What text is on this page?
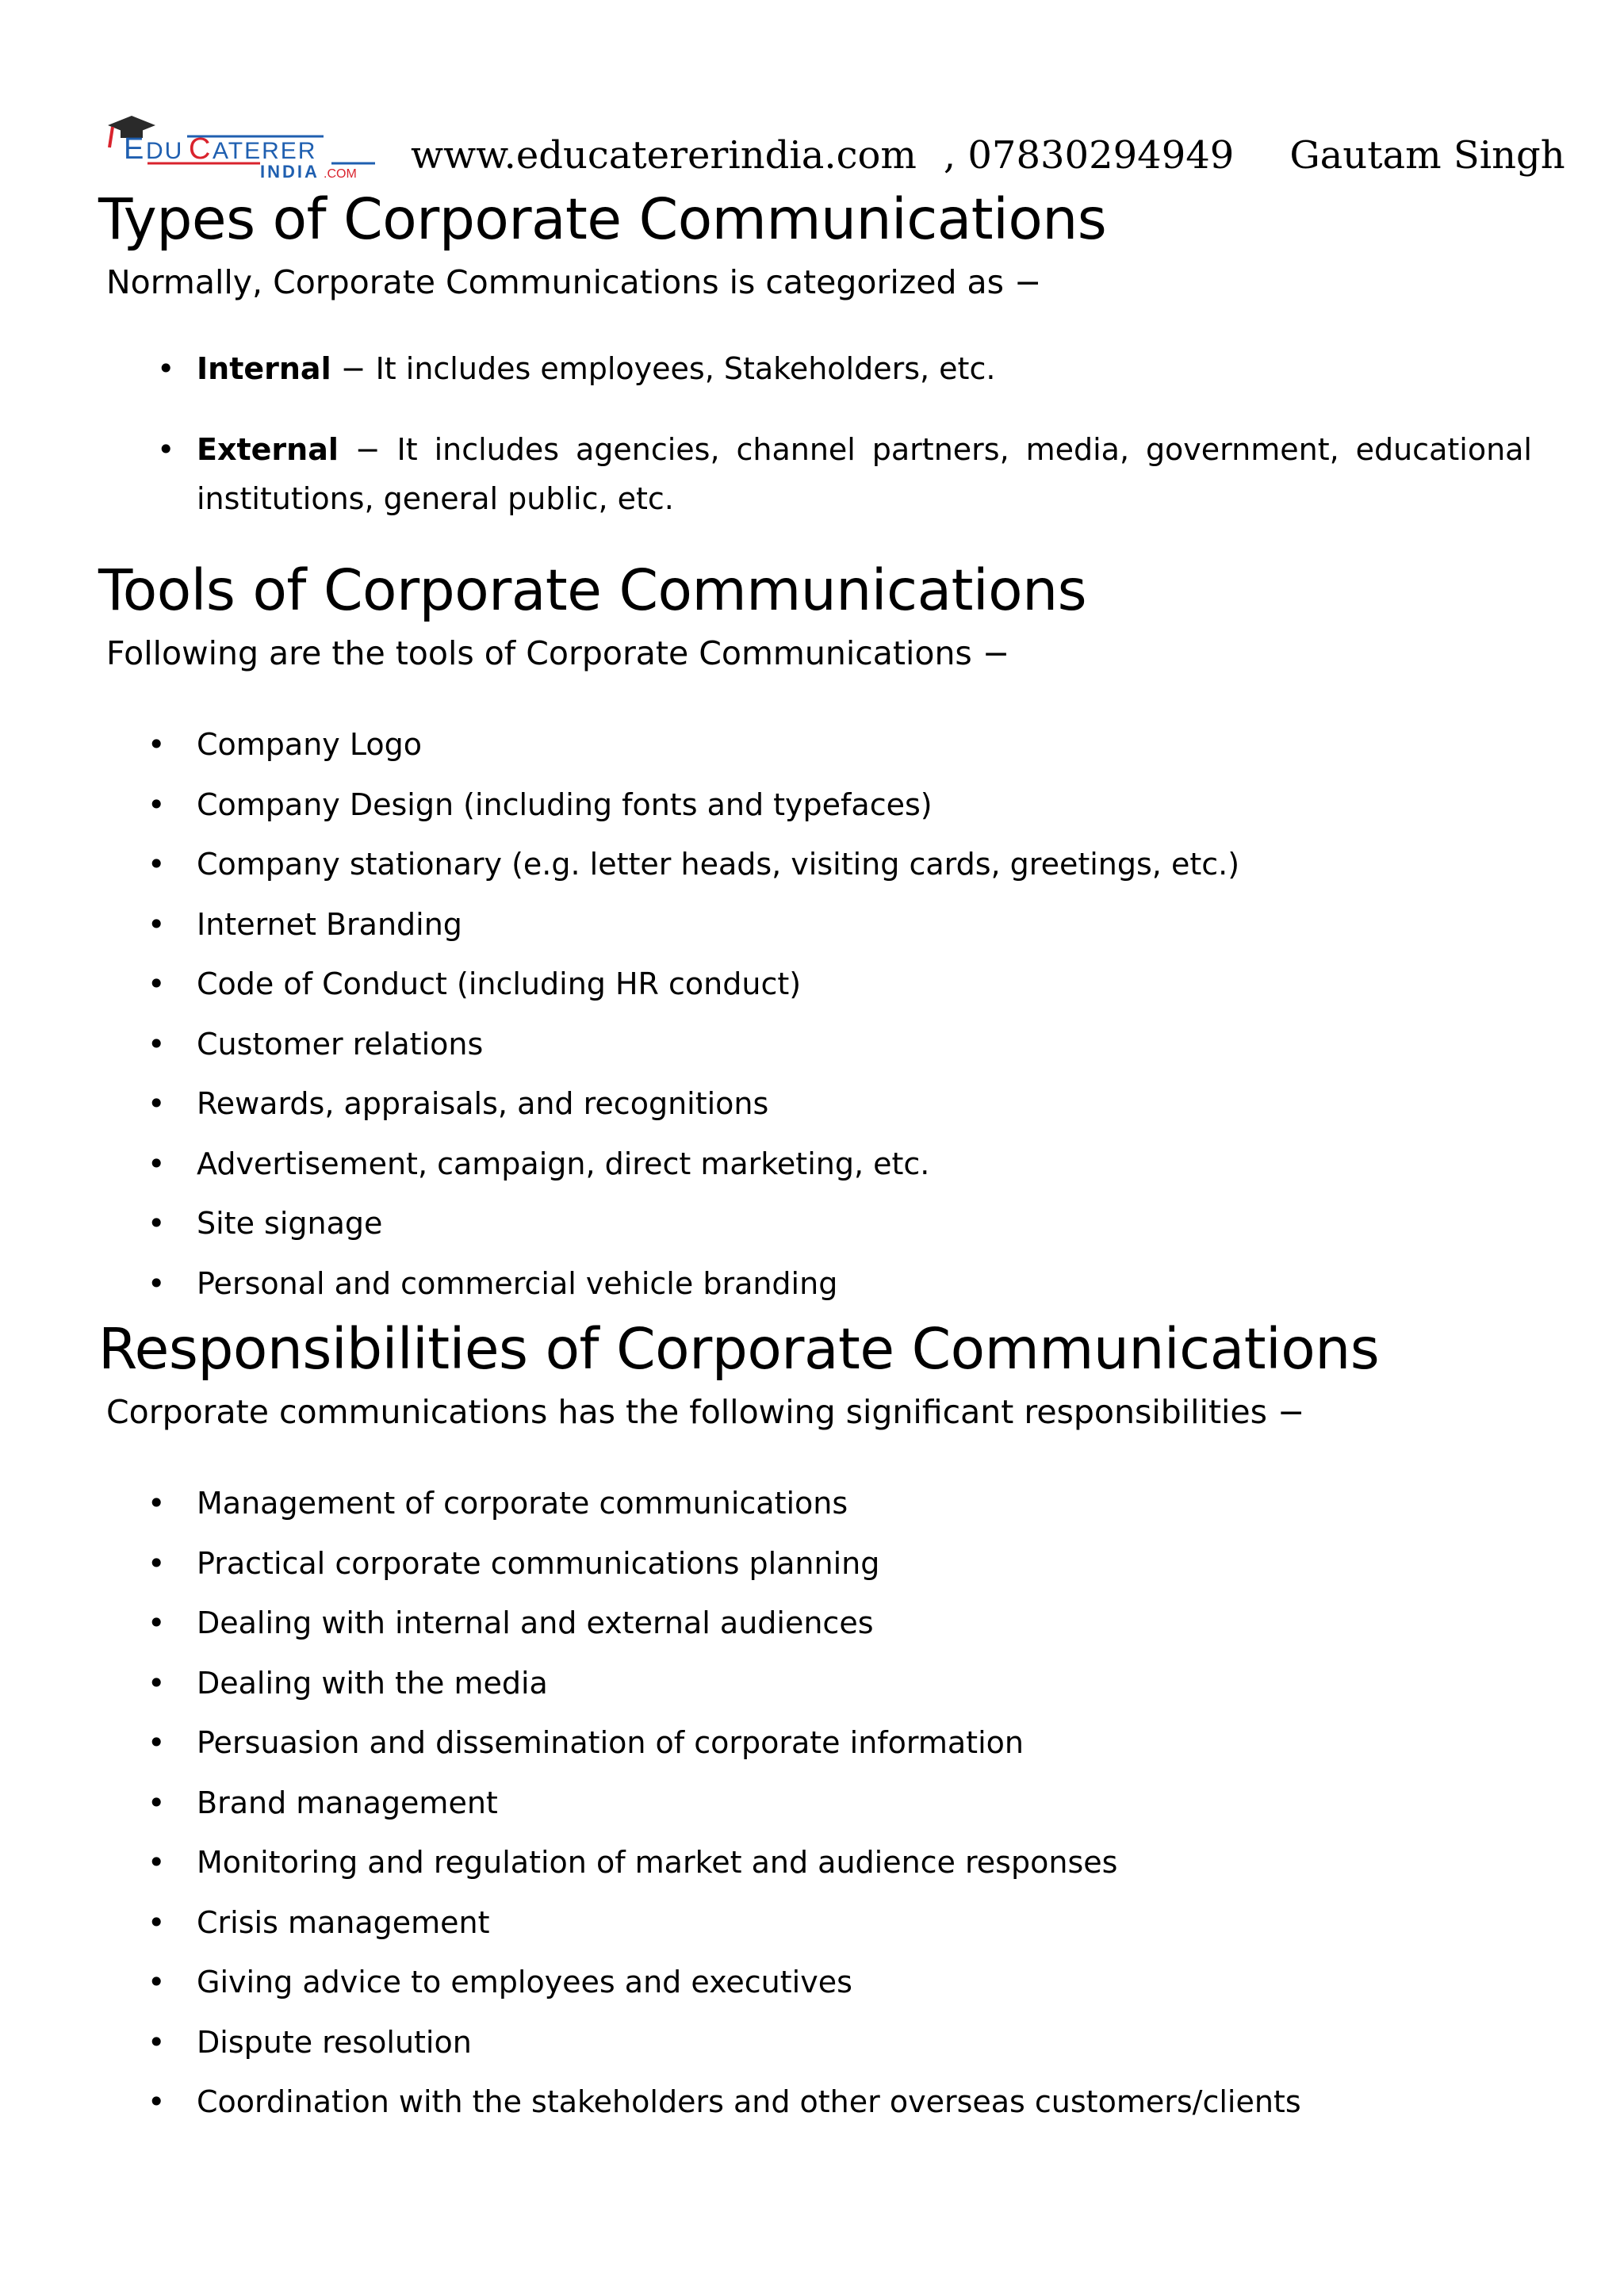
E DU C ATERER
INDIA .COM www.educatererindia.com , 07830294949 Gautam Singh
Types of Corporate Communications

Normally, Corporate Communications is categorized as −

• Internal − It includes employees, Stakeholders, etc.
• External − It includes agencies, channel partners, media, government, educational institutions, general public, etc.
Tools of Corporate Communications

Following are the tools of Corporate Communications −

• Company Logo
• Company Design (including fonts and typefaces)
• Company stationary (e.g. letter heads, visiting cards, greetings, etc.)
• Internet Branding
• Code of Conduct (including HR conduct)
• Customer relations
• Rewards, appraisals, and recognitions
• Advertisement, campaign, direct marketing, etc.
• Site signage
• Personal and commercial vehicle branding
Responsibilities of Corporate Communications

Corporate communications has the following significant responsibilities −

• Management of corporate communications
• Practical corporate communications planning
• Dealing with internal and external audiences
• Dealing with the media
• Persuasion and dissemination of corporate information
• Brand management
• Monitoring and regulation of market and audience responses
• Crisis management
• Giving advice to employees and executives
• Dispute resolution
• Coordination with the stakeholders and other overseas customers/clients
